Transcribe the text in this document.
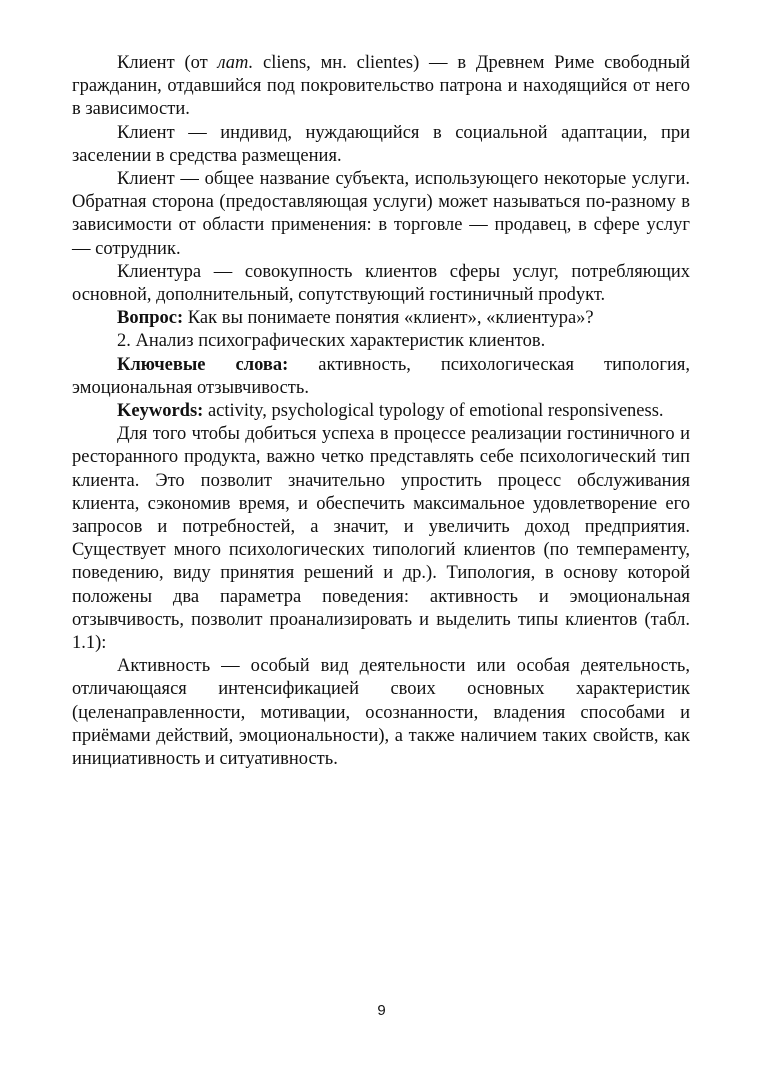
Клиент (от лат. cliens, мн. clientes) — в Древнем Риме свободный гражданин, отдавшийся под покровительство патрона и находящийся от него в зависимости.

Клиент — индивид, нуждающийся в социальной адаптации, при заселении в средства размещения.

Клиент — общее название субъекта, использующего некоторые услуги. Обратная сторона (предоставляющая услуги) может называться по-разному в зависимости от области применения: в торговле — продавец, в сфере услуг — сотрудник.

Клиентура — совокупность клиентов сферы услуг, потребляющих основной, дополнительный, сопутствующий гостиничный проdукт.

Вопрос: Как вы понимаете понятия «клиент», «клиентура»?

2. Анализ психографических характеристик клиентов.

Ключевые слова: активность, психологическая типология, эмоциональная отзывчивость.

Keywords: activity, psychological typology of emotional responsiveness.

Для того чтобы добиться успеха в процессе реализации гостиничного и ресторанного продукта, важно четко представлять себе психологический тип клиента. Это позволит значительно упростить процесс обслуживания клиента, сэкономив время, и обеспечить максимальное удовлетворение его запросов и потребностей, а значит, и увеличить доход предприятия. Существует много психологических типологий клиентов (по темпераменту, поведению, виду принятия решений и др.). Типология, в основу которой положены два параметра поведения: активность и эмоциональная отзывчивость, позволит проанализировать и выделить типы клиентов (табл. 1.1):

Активность — особый вид деятельности или особая деятельность, отличающаяся интенсификацией своих основных характеристик (целенаправленности, мотивации, осознанности, владения способами и приёмами действий, эмоциональности), а также наличием таких свойств, как инициативность и ситуативность.

9
